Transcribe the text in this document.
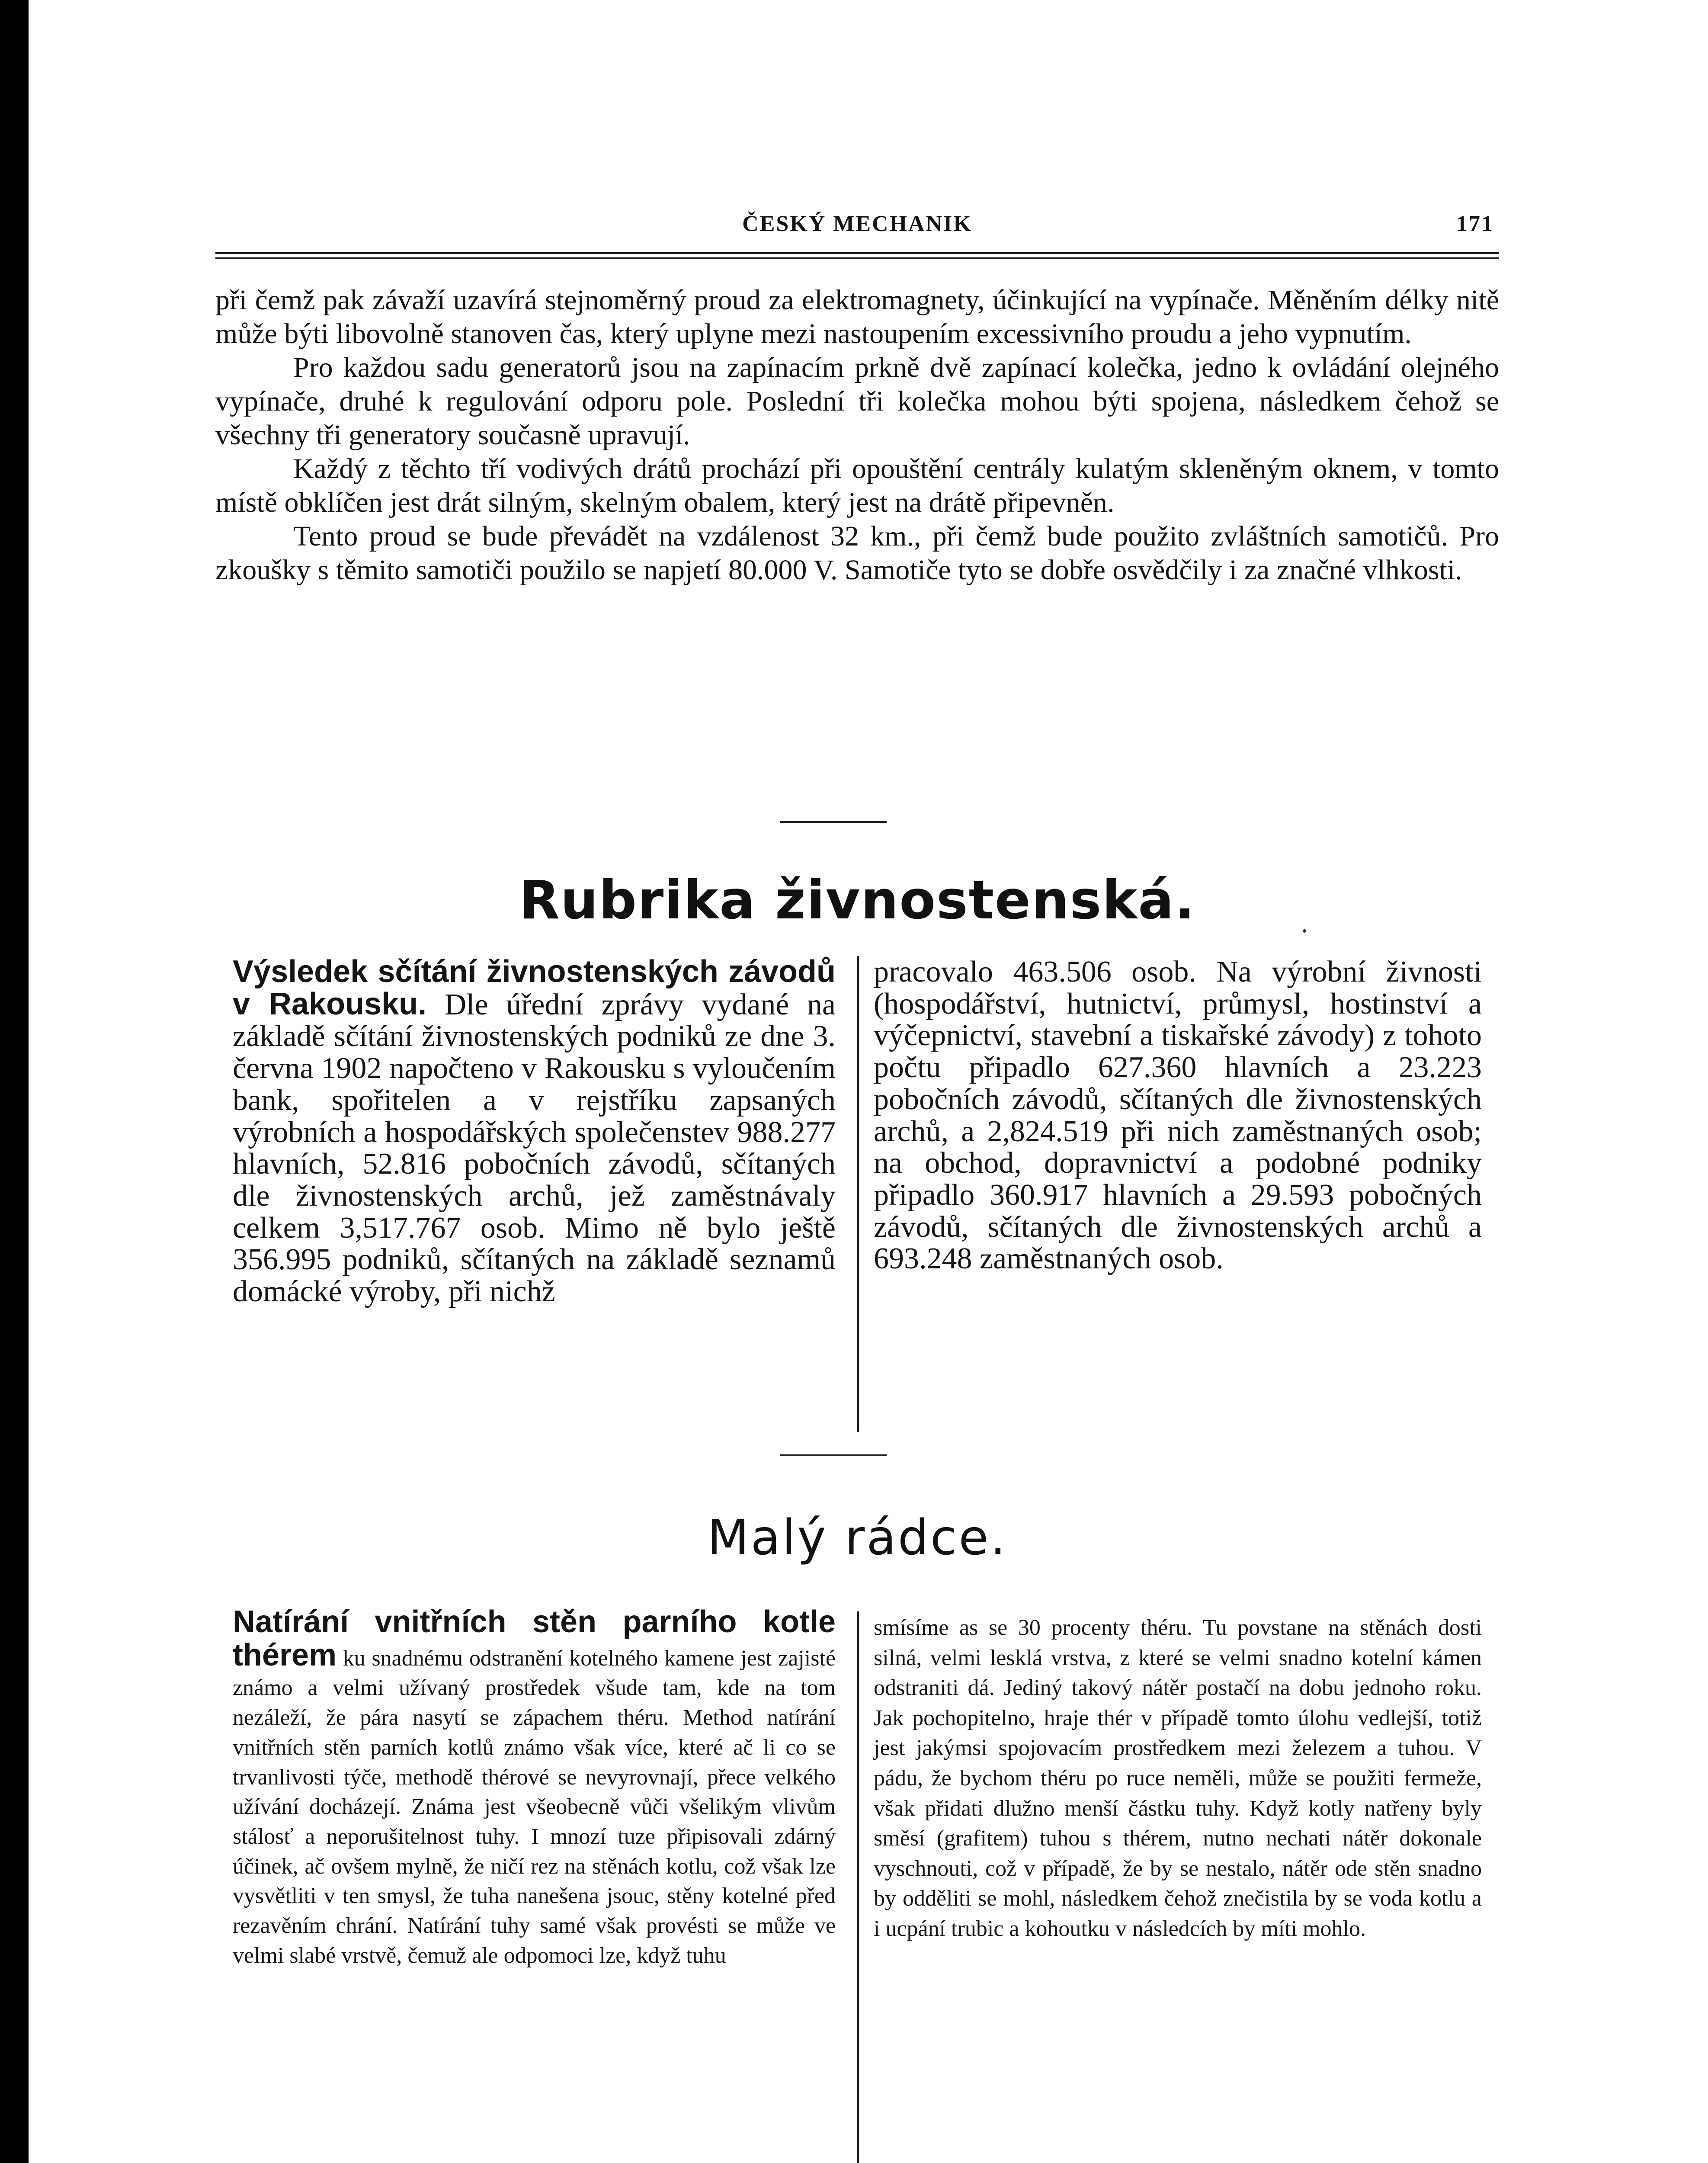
ČESKÝ MECHANIK	171

při čemž pak závaží uzavírá stejnoměrný proud za elektromagnety, účinkující na vypínače. Měněním délky nitě může býti libovolně stanoven čas, který uplyne mezi nastoupením excessivního proudu a jeho vypnutím.

Pro každou sadu generatorů jsou na zapínacím prkně dvě zapínací kolečka, jedno k ovládání olejného vypínače, druhé k regulování odporu pole. Poslední tři kolečka mohou býti spojena, následkem čehož se všechny tři generatory současně upravují.

Každý z těchto tří vodivých drátů prochází při opouštění centrály kulatým skleněným oknem, v tomto místě obklíčen jest drát silným, skelným obalem, který jest na drátě připevněn.

Tento proud se bude převádět na vzdálenost 32 km., při čemž bude použito zvláštních samotičů. Pro zkoušky s těmito samotiči použilo se napjetí 80.000 V. Samotiče tyto se dobře osvědčily i za značné vlhkosti.

Rubrika živnostenská.

Výsledek sčítání živnostenských závodů v Rakousku. Dle úřední zprávy vydané na základě sčítání živnostenských podniků ze dne 3. června 1902 napočteno v Rakousku s vyloučením bank, spořitelen a v rejstříku zapsaných výrobních a hospodářských společenstev 988.277 hlavních, 52.816 pobočních závodů, sčítaných dle živnostenských archů, jež zaměstnávaly celkem 3,517.767 osob. Mimo ně bylo ještě 356.995 podniků, sčítaných na základě seznamů domácké výroby, při nichž

pracovalo 463.506 osob. Na výrobní živnosti (hospodářství, hutnictví, průmysl, hostinství a výčepnictví, stavební a tiskařské závody) z tohoto počtu připadlo 627.360 hlavních a 23.223 pobočních závodů, sčítaných dle živnostenských archů, a 2,824.519 při nich zaměstnaných osob; na obchod, dopravnictví a podobné podniky připadlo 360.917 hlavních a 29.593 pobočných závodů, sčítaných dle živnostenských archů a 693.248 zaměstnaných osob.

Malý rádce.

Natírání vnitřních stěn parního kotle thérem ku snadnému odstranění kotelného kamene jest zajisté známo a velmi užívaný prostředek všude tam, kde na tom nezáleží, že pára nasytí se zápachem théru. Method natírání vnitřních stěn parních kotlů známo však více, které ač li co se trvanlivosti týče, methodě thérové se nevyrovnají, přece velkého užívání docházejí. Známa jest všeobecně vůči všelikým vlivům stálosť a neporušitelnost tuhy. I mnozí tuze připisovali zdárný účinek, ač ovšem mylně, že ničí rez na stěnách kotlu, což však lze vysvětliti v ten smysl, že tuha nanešena jsouc, stěny kotelné před rezavěním chrání. Natírání tuhy samé však provésti se může ve velmi slabé vrstvě, čemuž ale odpomoci lze, když tuhu

smísíme as se 30 procenty théru. Tu povstane na stěnách dosti silná, velmi lesklá vrstva, z které se velmi snadno kotelní kámen odstraniti dá. Jediný takový nátěr postačí na dobu jednoho roku. Jak pochopitelno, hraje thér v případě tomto úlohu vedlejší, totiž jest jakýmsi spojovacím prostředkem mezi železem a tuhou. V pádu, že bychom théru po ruce neměli, může se použiti fermeže, však přidati dlužno menší částku tuhy. Když kotly natřeny byly směsí (grafitem) tuhou s thérem, nutno nechati nátěr dokonale vyschnouti, což v případě, že by se nestalo, nátěr ode stěn snadno by odděliti se mohl, následkem čehož znečistila by se voda kotlu a i ucpání trubic a kohoutku v následcích by míti mohlo.
